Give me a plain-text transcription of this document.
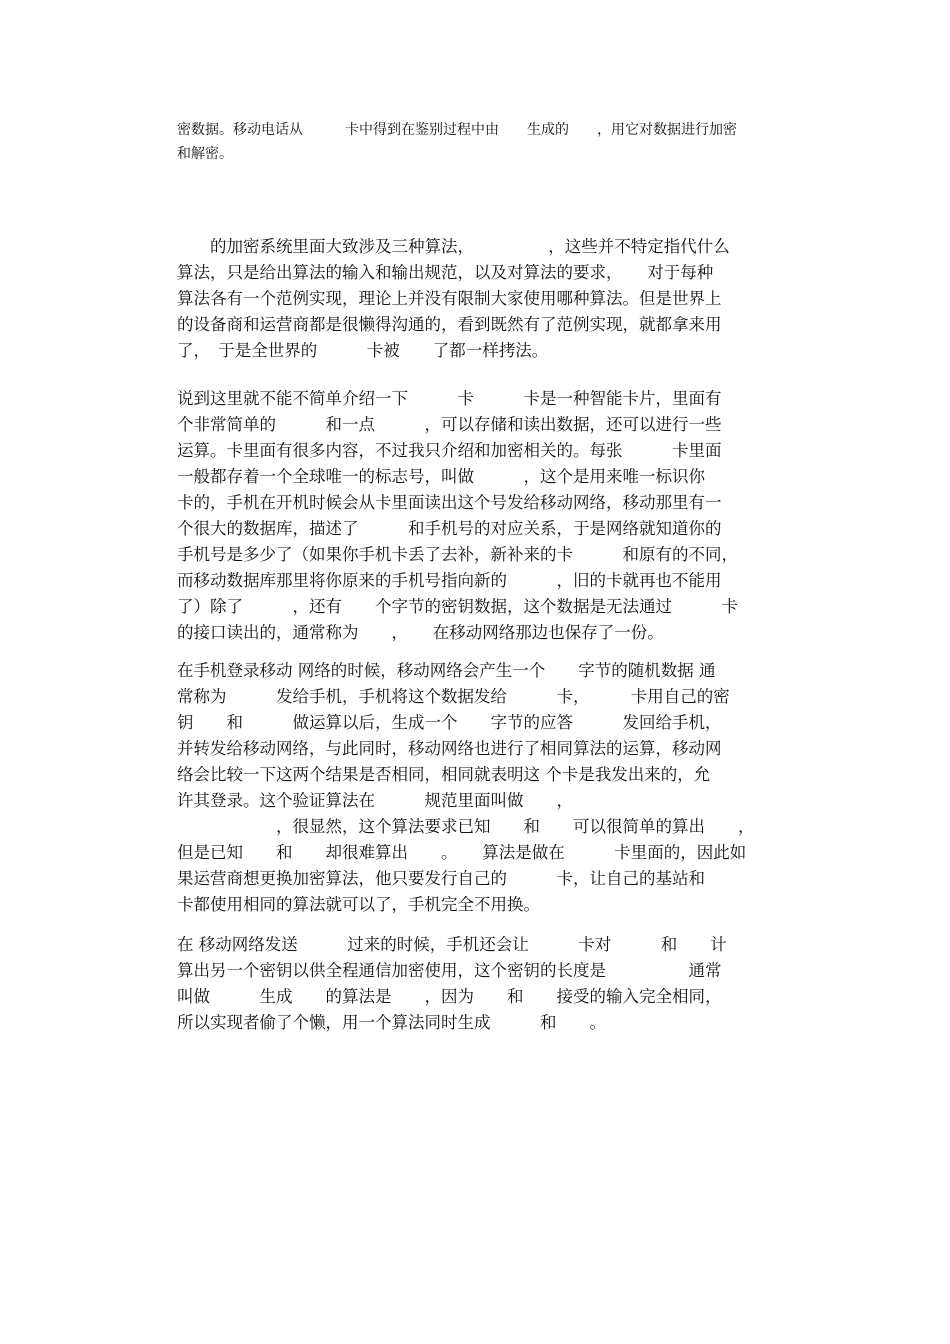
密数据。移动电话从　　　卡中得到在鉴别过程中由　　生成的　　，用它对数据进行加密
和解密。
　　的加密系统里面大致涉及三种算法，　　　　　，这些并不特定指代什么
算法，只是给出算法的输入和输出规范，以及对算法的要求，　　对于每种
算法各有一个范例实现，理论上并没有限制大家使用哪种算法。但是世界上
的设备商和运营商都是很懒得沟通的，看到既然有了范例实现，就都拿来用
了，　于是全世界的　　　卡被　　了都一样拷法。
说到这里就不能不简单介绍一下　　　卡　　　卡是一种智能卡片，里面有
个非常简单的　　　和一点　　　，可以存储和读出数据，还可以进行一些
运算。卡里面有很多内容，不过我只介绍和加密相关的。每张　　　卡里面
一般都存着一个全球唯一的标志号，叫做　　　，这个是用来唯一标识你
卡的，手机在开机时候会从卡里面读出这个号发给移动网络，移动那里有一
个很大的数据库，描述了　　　和手机号的对应关系，于是网络就知道你的
手机号是多少了（如果你手机卡丢了去补，新补来的卡　　　和原有的不同，
而移动数据库那里将你原来的手机号指向新的　　　，旧的卡就再也不能用
了）除了　　　，还有　　个字节的密钥数据，这个数据是无法通过　　　卡
的接口读出的，通常称为　　，　　在移动网络那边也保存了一份。
在手机登录移动 网络的时候，移动网络会产生一个　　字节的随机数据 通
常称为　　　发给手机，手机将这个数据发给　　　卡，　　　卡用自己的密
钥　　和　　　做运算以后，生成一个　　字节的应答　　　发回给手机，
并转发给移动网络，与此同时，移动网络也进行了相同算法的运算，移动网
络会比较一下这两个结果是否相同，相同就表明这 个卡是我发出来的，允
许其登录。这个验证算法在　　　规范里面叫做　　，
　　　　　　，很显然，这个算法要求已知　　和　　可以很简单的算出　　，
但是已知　　和　　却很难算出　　。　　算法是做在　　　卡里面的，因此如
果运营商想更换加密算法，他只要发行自己的　　　卡，让自己的基站和
卡都使用相同的算法就可以了，手机完全不用换。
在 移动网络发送　　　过来的时候，手机还会让　　　卡对　　　和　　计
算出另一个密钥以供全程通信加密使用，这个密钥的长度是　　　　　通常
叫做　　　生成　　的算法是　　，因为　　和　　接受的输入完全相同，
所以实现者偷了个懒，用一个算法同时生成　　　和　　。
